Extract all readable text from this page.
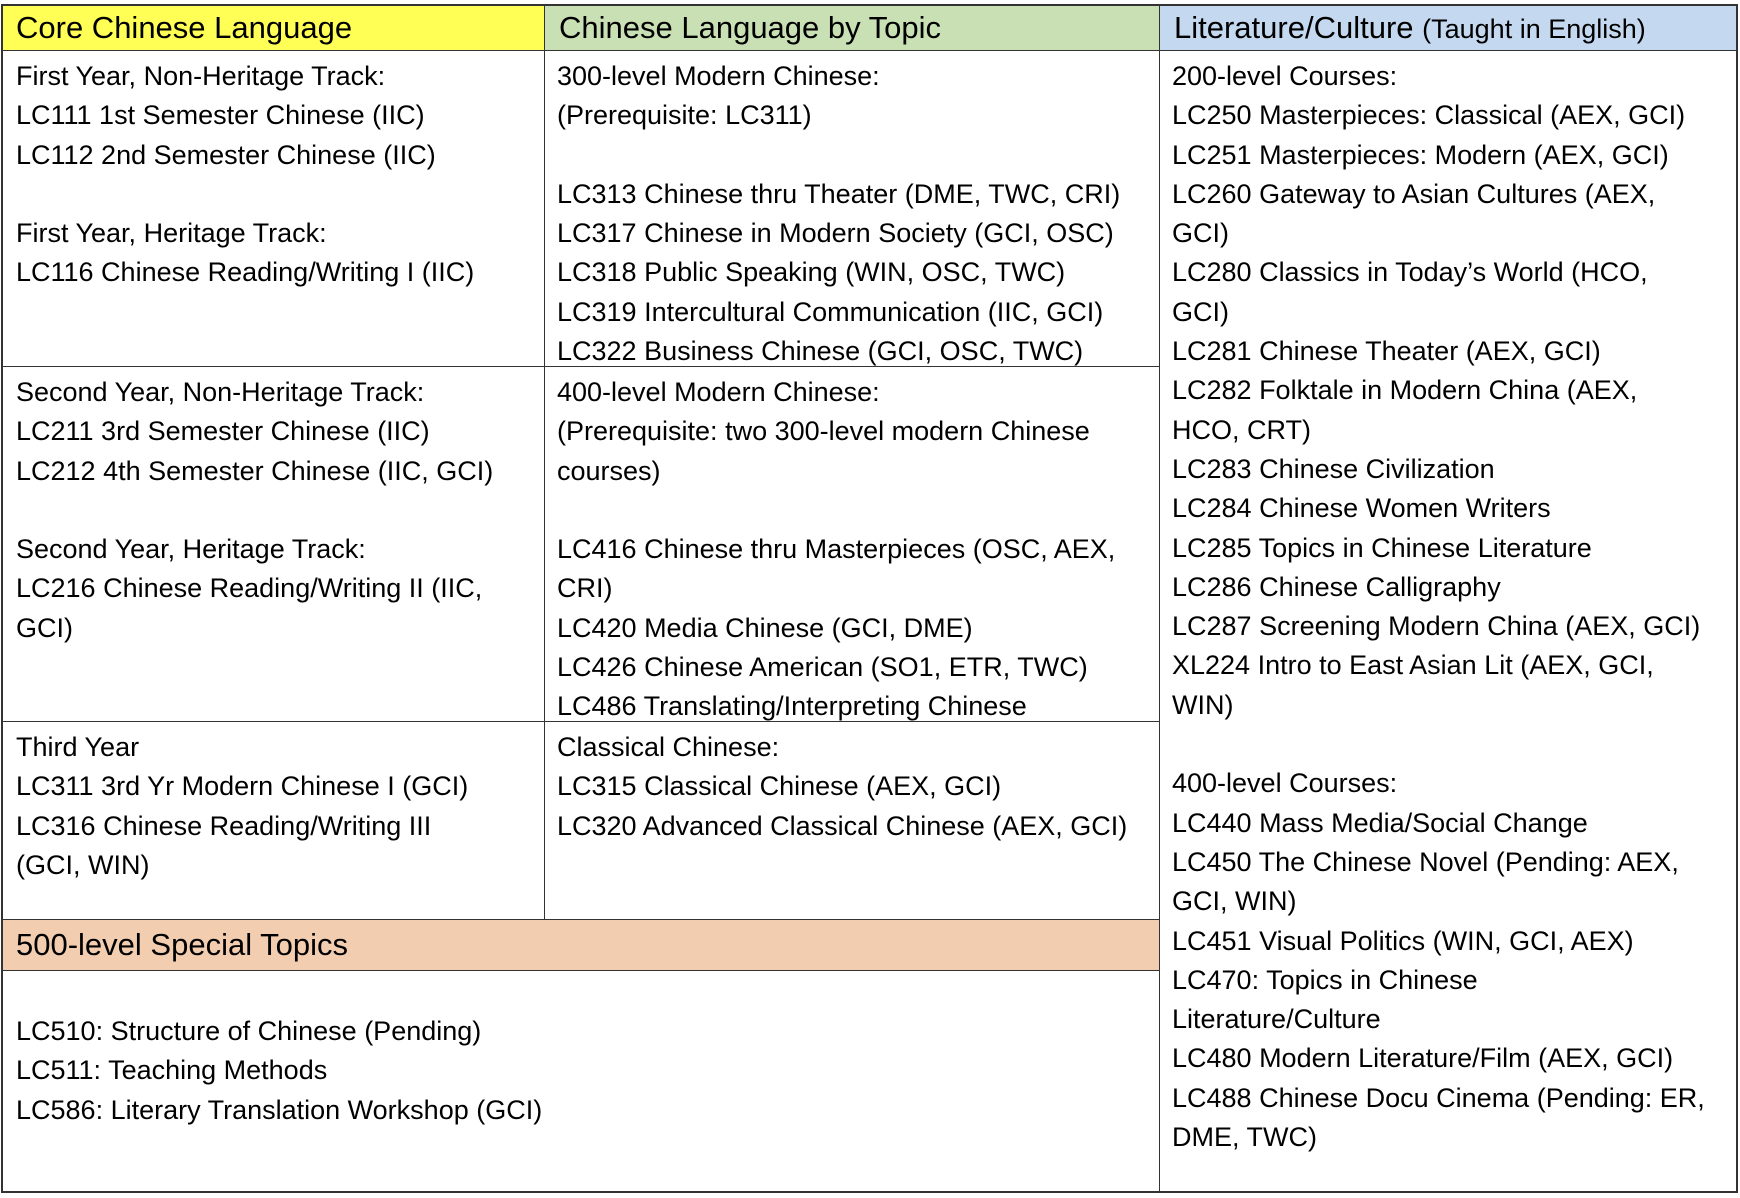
Core Chinese Language	Chinese Language by Topic	Literature/Culture (Taught in English)
500-level Special Topics
First Year, Non-Heritage Track:
LC111 1st Semester Chinese (IIC)
LC112 2nd Semester Chinese (IIC)
First Year, Heritage Track:
LC116 Chinese Reading/Writing I (IIC)
Second Year, Non-Heritage Track:
LC211 3rd Semester Chinese (IIC)
LC212 4th Semester Chinese (IIC, GCI)
Second Year, Heritage Track:
LC216 Chinese Reading/Writing II (IIC,
GCI)
Third Year
LC311 3rd Yr Modern Chinese I (GCI)
LC316 Chinese Reading/Writing III
(GCI, WIN)
300-level Modern Chinese:
(Prerequisite: LC311)
LC313 Chinese thru Theater (DME, TWC, CRI)
LC317 Chinese in Modern Society (GCI, OSC)
LC318 Public Speaking (WIN, OSC, TWC)
LC319 Intercultural Communication (IIC, GCI)
LC322 Business Chinese (GCI, OSC, TWC)
400-level Modern Chinese:
(Prerequisite: two 300-level modern Chinese
courses)
LC416 Chinese thru Masterpieces (OSC, AEX,
CRI)
LC420 Media Chinese (GCI, DME)
LC426 Chinese American (SO1, ETR, TWC)
LC486 Translating/Interpreting Chinese
Classical Chinese:
LC315 Classical Chinese (AEX, GCI)
LC320 Advanced Classical Chinese (AEX, GCI)
200-level Courses:
LC250 Masterpieces: Classical (AEX, GCI)
LC251 Masterpieces: Modern (AEX, GCI)
LC260 Gateway to Asian Cultures (AEX,
GCI)
LC280 Classics in Today’s World (HCO,
GCI)
LC281 Chinese Theater (AEX, GCI)
LC282 Folktale in Modern China (AEX,
HCO, CRT)
LC283 Chinese Civilization
LC284 Chinese Women Writers
LC285 Topics in Chinese Literature
LC286 Chinese Calligraphy
LC287 Screening Modern China (AEX, GCI)
XL224 Intro to East Asian Lit (AEX, GCI,
WIN)
400-level Courses:
LC440 Mass Media/Social Change
LC450 The Chinese Novel (Pending: AEX,
GCI, WIN)
LC451 Visual Politics (WIN, GCI, AEX)
LC470: Topics in Chinese
Literature/Culture
LC480 Modern Literature/Film (AEX, GCI)
LC488 Chinese Docu Cinema (Pending: ER,
DME, TWC)
LC510: Structure of Chinese (Pending)
LC511: Teaching Methods
LC586: Literary Translation Workshop (GCI)
